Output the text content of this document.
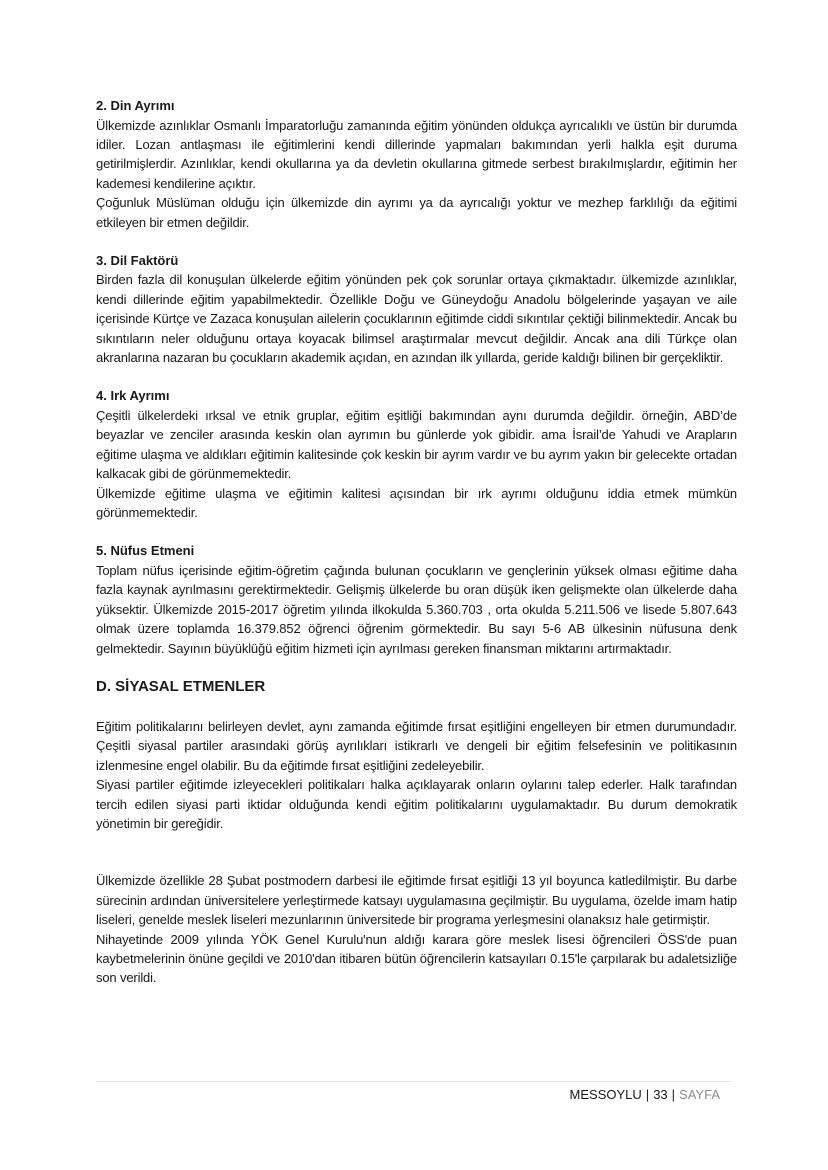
2. Din Ayrımı

Ülkemizde azınlıklar Osmanlı İmparatorluğu zamanında eğitim yönünden oldukça ayrıcalıklı ve üstün bir durumda idiler. Lozan antlaşması ile eğitimlerini kendi dillerinde yapmaları bakımından yerli halkla eşit duruma getirilmişlerdir. Azınlıklar, kendi okullarına ya da devletin okullarına gitmede serbest bırakılmışlardır, eğitimin her kademesi kendilerine açıktır.

Çoğunluk Müslüman olduğu için ülkemizde din ayrımı ya da ayrıcalığı yoktur ve mezhep farklılığı da eğitimi etkileyen bir etmen değildir.

3. Dil Faktörü

Birden fazla dil konuşulan ülkelerde eğitim yönünden pek çok sorunlar ortaya çıkmaktadır. ülkemizde azınlıklar, kendi dillerinde eğitim yapabilmektedir. Özellikle Doğu ve Güneydoğu Anadolu bölgelerinde yaşayan ve aile içerisinde Kürtçe ve Zazaca konuşulan ailelerin çocuklarının eğitimde ciddi sıkıntılar çektiği bilinmektedir. Ancak bu sıkıntıların neler olduğunu ortaya koyacak bilimsel araştırmalar mevcut değildir. Ancak ana dili Türkçe olan akranlarına nazaran bu çocukların akademik açıdan, en azından ilk yıllarda, geride kaldığı bilinen bir gerçekliktir.

4. Irk Ayrımı

Çeşitli ülkelerdeki ırksal ve etnik gruplar, eğitim eşitliği bakımından aynı durumda değildir. örneğin, ABD’de beyazlar ve zenciler arasında keskin olan ayrımın bu günlerde yok gibidir. ama İsrail’de Yahudi ve Arapların eğitime ulaşma ve aldıkları eğitimin kalitesinde çok keskin bir ayrım vardır ve bu ayrım yakın bir gelecekte ortadan kalkacak gibi de görünmemektedir.

Ülkemizde eğitime ulaşma ve eğitimin kalitesi açısından bir ırk ayrımı olduğunu iddia etmek mümkün görünmemektedir.

5. Nüfus Etmeni

Toplam nüfus içerisinde eğitim-öğretim çağında bulunan çocukların ve gençlerinin yüksek olması eğitime daha fazla kaynak ayrılmasını gerektirmektedir. Gelişmiş ülkelerde bu oran düşük iken gelişmekte olan ülkelerde daha yüksektir. Ülkemizde 2015-2017 öğretim yılında ilkokulda 5.360.703 , orta okulda 5.211.506 ve lisede 5.807.643 olmak üzere toplamda 16.379.852 öğrenci öğrenim görmektedir. Bu sayı 5-6 AB ülkesinin nüfusuna denk gelmektedir. Sayının büyüklüğü eğitim hizmeti için ayrılması gereken finansman miktarını artırmaktadır.

D. SİYASAL ETMENLER

Eğitim politikalarını belirleyen devlet, aynı zamanda eğitimde fırsat eşitliğini engelleyen bir etmen durumundadır. Çeşitli siyasal partiler arasındaki görüş ayrılıkları istikrarlı ve dengeli bir eğitim felsefesinin ve politikasının izlenmesine engel olabilir. Bu da eğitimde fırsat eşitliğini zedeleyebilir.

Siyasi partiler eğitimde izleyecekleri politikaları halka açıklayarak onların oylarını talep ederler. Halk tarafından tercih edilen siyasi parti iktidar olduğunda kendi eğitim politikalarını uygulamaktadır. Bu durum demokratik yönetimin bir gereğidir.

Ülkemizde özellikle 28 Şubat postmodern darbesi ile eğitimde fırsat eşitliği 13 yıl boyunca katledilmiştir. Bu darbe sürecinin ardından üniversitelere yerleştirmede katsayı uygulamasına geçilmiştir. Bu uygulama, özelde imam hatip liseleri, genelde meslek liseleri mezunlarının üniversitede bir programa yerleşmesini olanaksız hale getirmiştir.

Nihayetinde 2009 yılında YÖK Genel Kurulu'nun aldığı karara göre meslek lisesi öğrencileri ÖSS'de puan kaybetmelerinin önüne geçildi ve 2010'dan itibaren bütün öğrencilerin katsayıları 0.15'le çarpılarak bu adaletsizliğe son verildi.

MESSOYLU | 33 | SAYFA
